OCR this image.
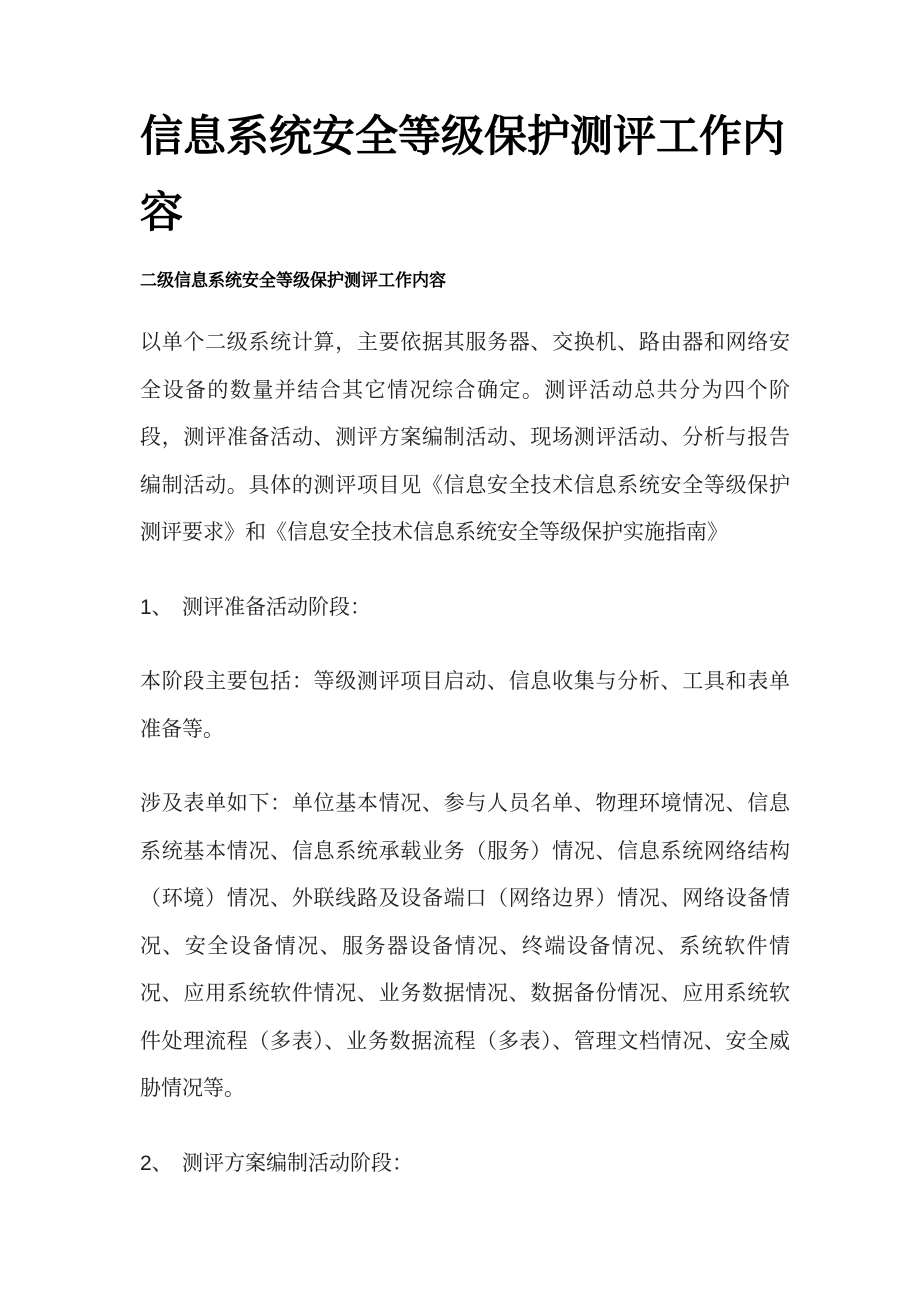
信息系统安全等级保护测评工作内容
二级信息系统安全等级保护测评工作内容

以单个二级系统计算，主要依据其服务器、交换机、路由器和网络安全设备的数量并结合其它情况综合确定。测评活动总共分为四个阶段，测评准备活动、测评方案编制活动、现场测评活动、分析与报告编制活动。具体的测评项目见《信息安全技术信息系统安全等级保护测评要求》和《信息安全技术信息系统安全等级保护实施指南》

1、 测评准备活动阶段：

本阶段主要包括：等级测评项目启动、信息收集与分析、工具和表单准备等。

涉及表单如下：单位基本情况、参与人员名单、物理环境情况、信息系统基本情况、信息系统承载业务（服务）情况、信息系统网络结构（环境）情况、外联线路及设备端口（网络边界）情况、网络设备情况、安全设备情况、服务器设备情况、终端设备情况、系统软件情况、应用系统软件情况、业务数据情况、数据备份情况、应用系统软件处理流程（多表）、业务数据流程（多表）、管理文档情况、安全威胁情况等。

2、 测评方案编制活动阶段：
